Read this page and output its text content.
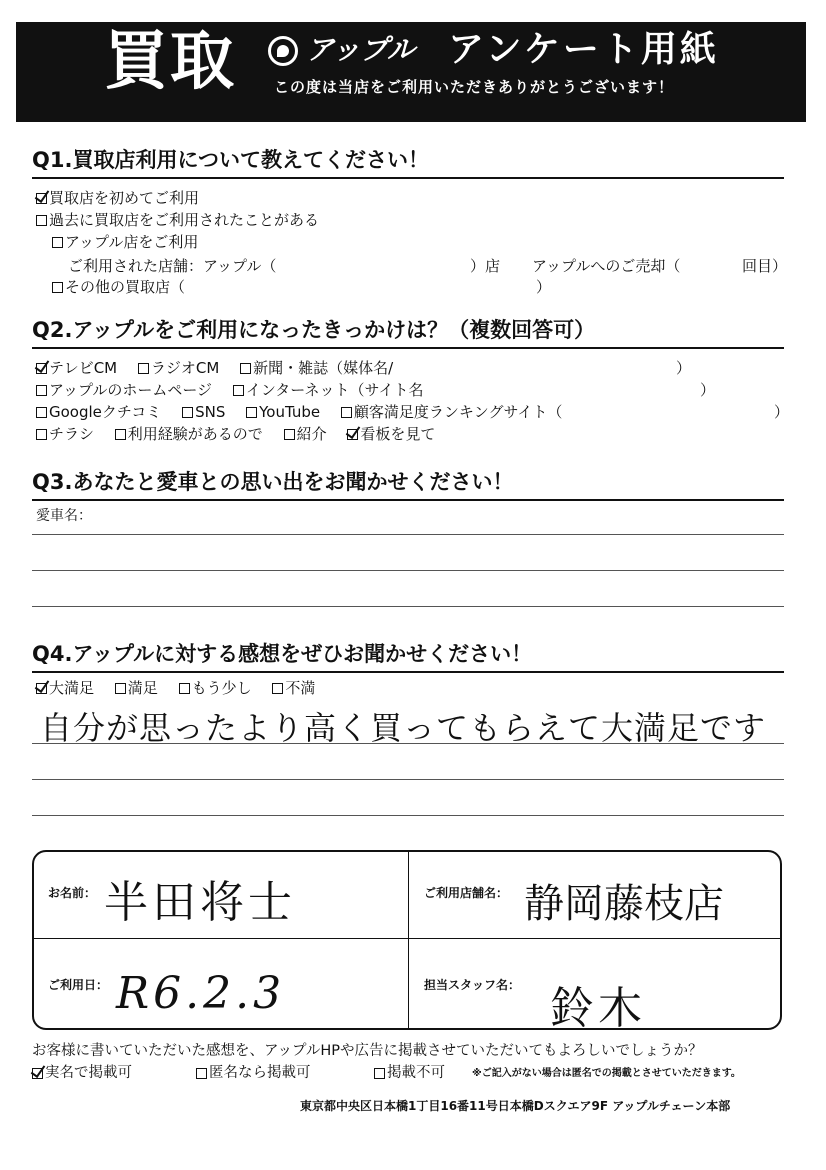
買取	アップル アンケート用紙
この度は当店をご利用いただきありがとうございます！
Q1.買取店利用について教えてください！
買取店を初めてご利用
過去に買取店をご利用されたことがある
アップル店をご利用
ご利用された店舗：アップル（	）店 アップルへのご売却（	回目）
その他の買取店（	）
Q2.アップルをご利用になったきっかけは？（複数回答可）
テレビCM
ラジオCM
新聞・雑誌（媒体名/	）
アップルのホームページ
インターネット（サイト名	）
Googleクチコミ
SNS
YouTube
顧客満足度ランキングサイト（	）
チラシ
利用経験があるので
紹介
看板を見て
Q3.あなたと愛車との思い出をお聞かせください！
愛車名：
Q4.アップルに対する感想をぜひお聞かせください！
大満足
満足
もう少し
不満
自分が思ったより高く買ってもらえて大満足です
お名前： 半田将士	ご利用店舗名： 静岡藤枝店
ご利用日： R6.2.3	担当スタッフ名： 鈴木
お客様に書いていただいた感想を、アップルHPや広告に掲載させていただいてもよろしいでしょうか？
実名で掲載可	匿名なら掲載可	掲載不可	※ご記入がない場合は匿名での掲載とさせていただきます。
東京都中央区日本橋1丁目16番11号日本橋Dスクエア9F アップルチェーン本部
